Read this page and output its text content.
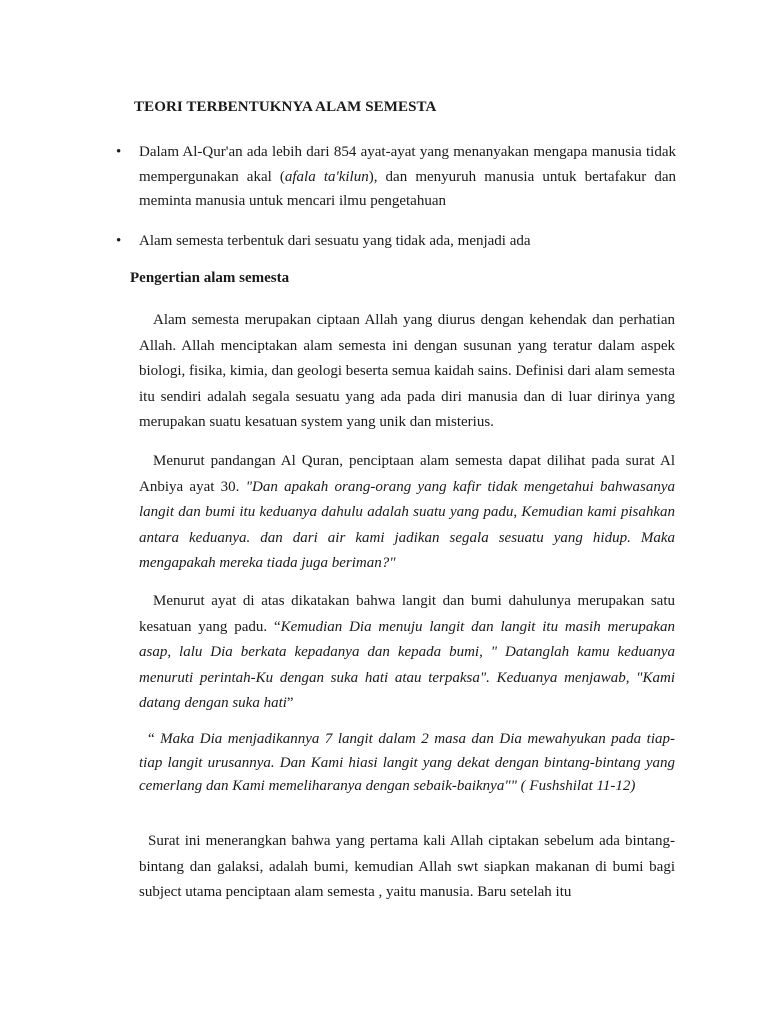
TEORI TERBENTUKNYA ALAM SEMESTA
•	Dalam Al-Qur'an ada lebih dari 854 ayat-ayat yang menanyakan mengapa manusia tidak mempergunakan akal (afala ta'kilun), dan menyuruh manusia untuk bertafakur dan meminta manusia untuk mencari ilmu pengetahuan
•	Alam semesta terbentuk dari sesuatu yang tidak ada, menjadi ada
Pengertian alam semesta
Alam semesta merupakan ciptaan Allah yang diurus dengan kehendak dan perhatian Allah. Allah menciptakan alam semesta ini dengan susunan yang teratur dalam aspek biologi, fisika, kimia, dan geologi beserta semua kaidah sains. Definisi dari alam semesta itu sendiri adalah segala sesuatu yang ada pada diri manusia dan di luar dirinya yang merupakan suatu kesatuan system yang unik dan misterius.
Menurut pandangan Al Quran, penciptaan alam semesta dapat dilihat pada surat Al Anbiya ayat 30. "Dan apakah orang-orang yang kafir tidak mengetahui bahwasanya langit dan bumi itu keduanya dahulu adalah suatu yang padu, Kemudian kami pisahkan antara keduanya. dan dari air kami jadikan segala sesuatu yang hidup. Maka mengapakah mereka tiada juga beriman?"
Menurut ayat di atas dikatakan bahwa langit dan bumi dahulunya merupakan satu kesatuan yang padu. “Kemudian Dia menuju langit dan langit itu masih merupakan asap, lalu Dia berkata kepadanya dan kepada bumi, " Datanglah kamu keduanya menuruti perintah-Ku dengan suka hati atau terpaksa". Keduanya menjawab, "Kami datang dengan suka hati”
“ Maka Dia menjadikannya 7 langit dalam 2 masa dan Dia mewahyukan pada tiap-tiap langit urusannya. Dan Kami hiasi langit yang dekat dengan bintang-bintang yang cemerlang dan Kami memeliharanya dengan sebaik-baiknya"" ( Fushshilat 11-12)
Surat ini menerangkan bahwa yang pertama kali Allah ciptakan sebelum ada bintang-bintang dan galaksi, adalah bumi, kemudian Allah swt siapkan makanan di bumi bagi subject utama penciptaan alam semesta , yaitu manusia. Baru setelah itu
